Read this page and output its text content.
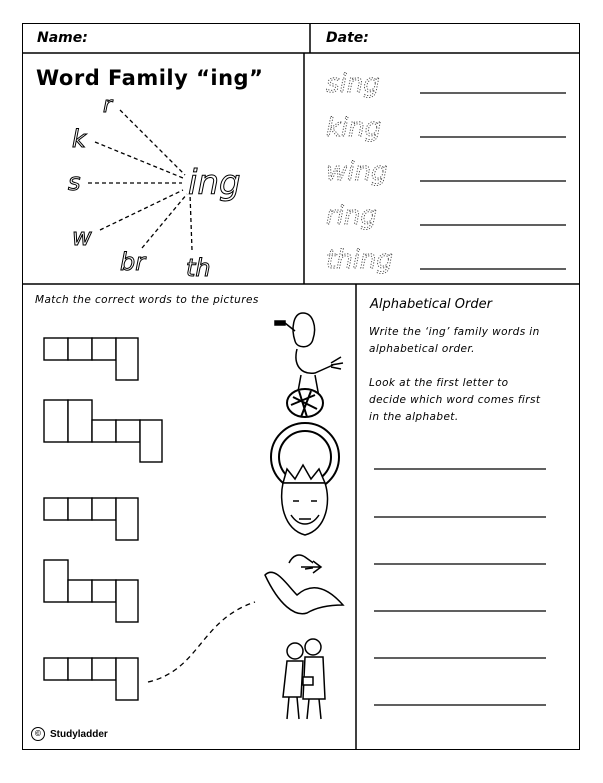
Name:	Date:
Word Family “ing”
r
k
s
w
br th
ing
sing
king
wing
ring
thing
Match the correct words to the pictures	Alphabetical Order
Write the ‘ing’ family words in alphabetical order.
Look at the first letter to decide which word comes first in the alphabet.
© Studyladder
